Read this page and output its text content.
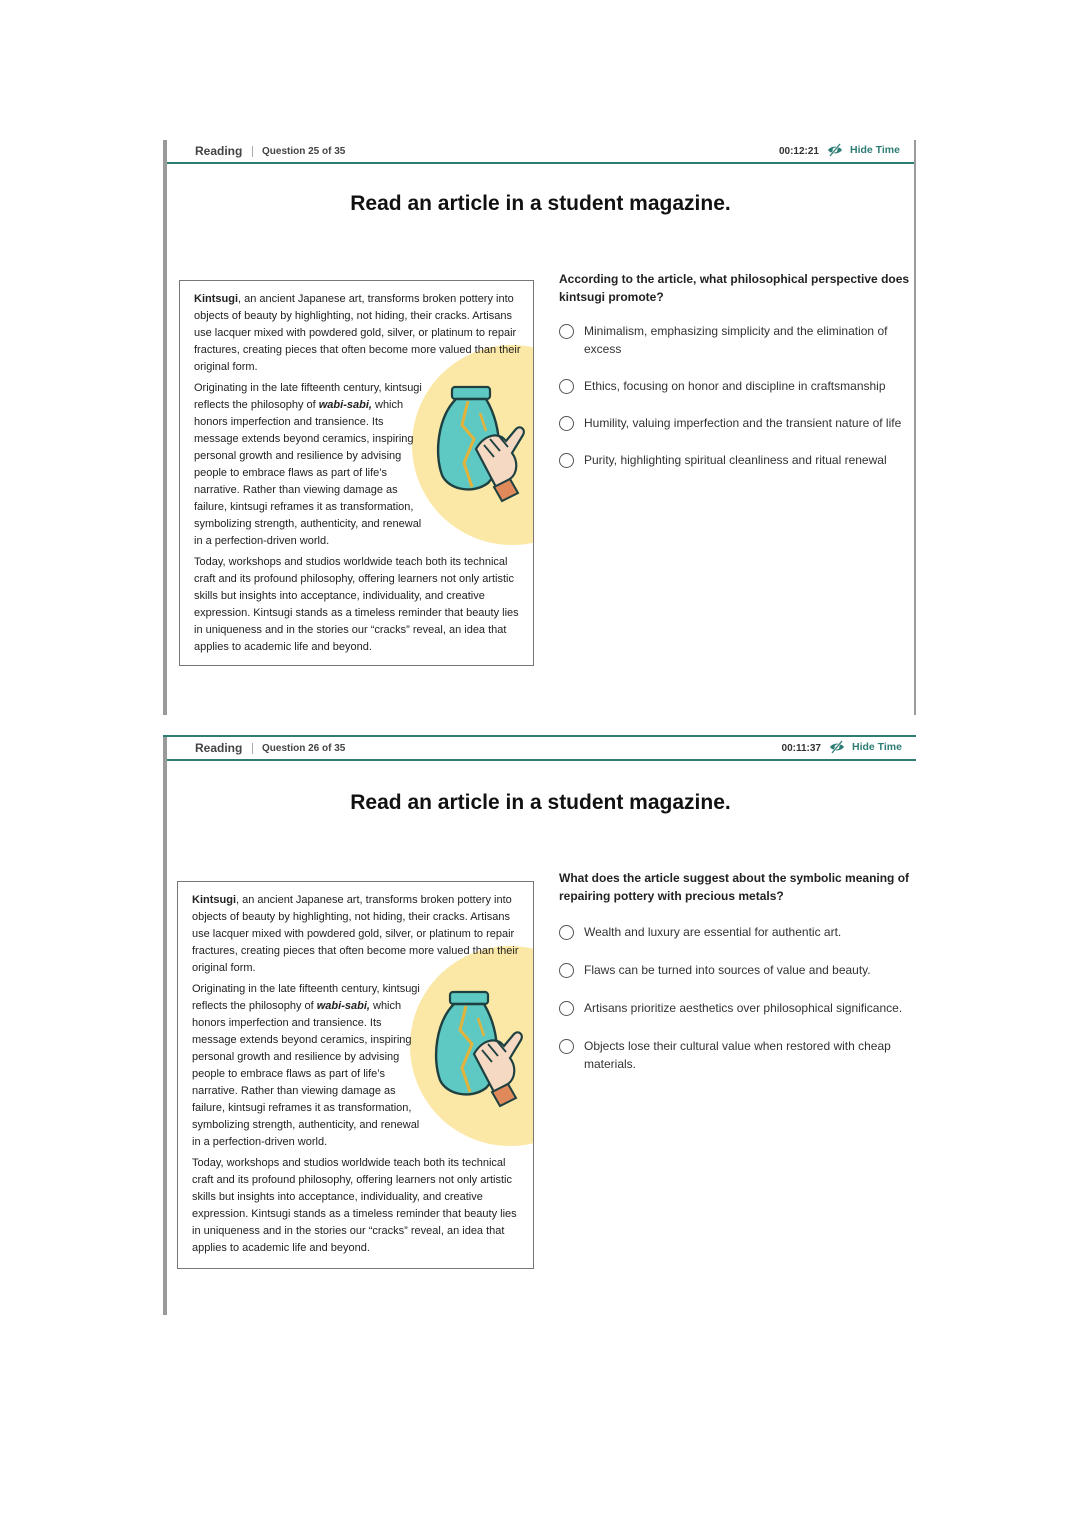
Reading Question 25 of 35	00:12:21	Hide Time
Read an article in a student magazine.

Kintsugi, an ancient Japanese art, transforms broken pottery into objects of beauty by highlighting, not hiding, their cracks. Artisans use lacquer mixed with powdered gold, silver, or platinum to repair fractures, creating pieces that often become more valued than their original form.

Originating in the late fifteenth century, kintsugi reflects the philosophy of wabi-sabi, which honors imperfection and transience. Its message extends beyond ceramics, inspiring personal growth and resilience by advising people to embrace flaws as part of life’s narrative. Rather than viewing damage as failure, kintsugi reframes it as transformation, symbolizing strength, authenticity, and renewal in a perfection-driven world.

Today, workshops and studios worldwide teach both its technical craft and its profound philosophy, offering learners not only artistic skills but insights into acceptance, individuality, and creative expression. Kintsugi stands as a timeless reminder that beauty lies in uniqueness and in the stories our “cracks” reveal, an idea that applies to academic life and beyond.

According to the article, what philosophical perspective does kintsugi promote?
Minimalism, emphasizing simplicity and the elimination of excess
Ethics, focusing on honor and discipline in craftsmanship
Humility, valuing imperfection and the transient nature of life
Purity, highlighting spiritual cleanliness and ritual renewal
Reading Question 26 of 35	00:11:37	Hide Time
Read an article in a student magazine.

Kintsugi, an ancient Japanese art, transforms broken pottery into objects of beauty by highlighting, not hiding, their cracks. Artisans use lacquer mixed with powdered gold, silver, or platinum to repair fractures, creating pieces that often become more valued than their original form.

Originating in the late fifteenth century, kintsugi reflects the philosophy of wabi-sabi, which honors imperfection and transience. Its message extends beyond ceramics, inspiring personal growth and resilience by advising people to embrace flaws as part of life’s narrative. Rather than viewing damage as failure, kintsugi reframes it as transformation, symbolizing strength, authenticity, and renewal in a perfection-driven world.

Today, workshops and studios worldwide teach both its technical craft and its profound philosophy, offering learners not only artistic skills but insights into acceptance, individuality, and creative expression. Kintsugi stands as a timeless reminder that beauty lies in uniqueness and in the stories our “cracks” reveal, an idea that applies to academic life and beyond.

What does the article suggest about the symbolic meaning of repairing pottery with precious metals?
Wealth and luxury are essential for authentic art.
Flaws can be turned into sources of value and beauty.
Artisans prioritize aesthetics over philosophical significance.
Objects lose their cultural value when restored with cheap materials.
